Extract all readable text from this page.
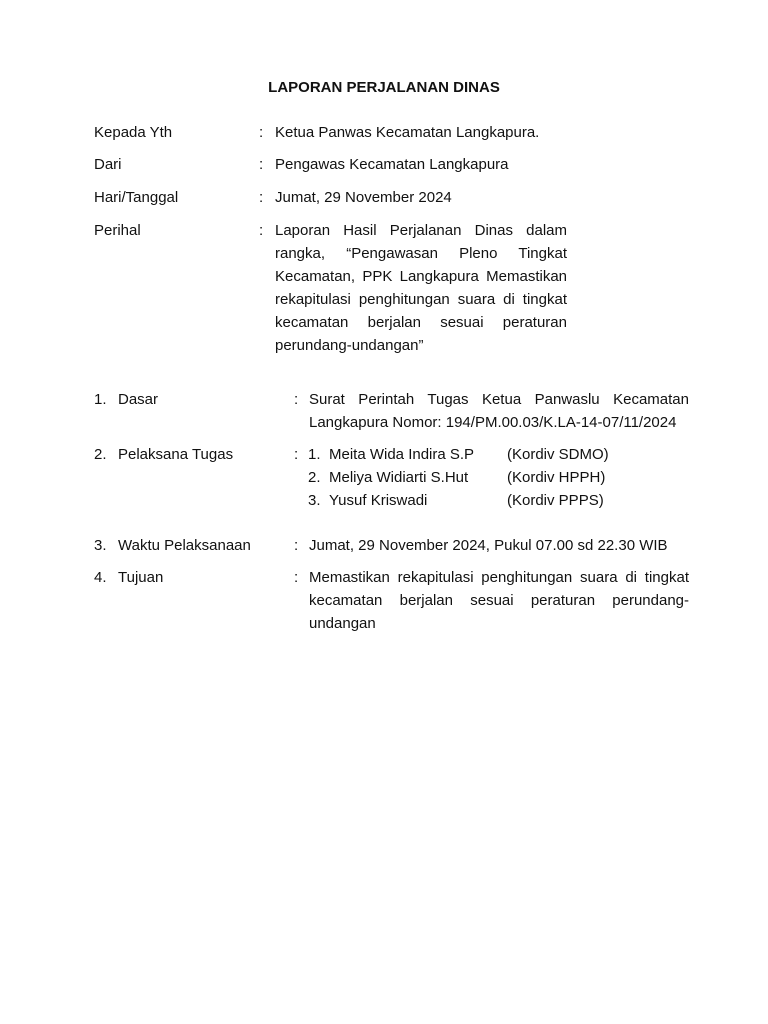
LAPORAN PERJALANAN DINAS
Kepada Yth	: Ketua Panwas Kecamatan Langkapura.
Dari	: Pengawas Kecamatan Langkapura
Hari/Tanggal	: Jumat, 29 November 2024
Perihal	: Laporan Hasil Perjalanan Dinas dalam rangka, “Pengawasan Pleno Tingkat Kecamatan, PPK Langkapura Memastikan rekapitulasi penghitungan suara di tingkat kecamatan berjalan sesuai peraturan perundang-undangan”
1. Dasar	: Surat Perintah Tugas Ketua Panwaslu Kecamatan Langkapura Nomor: 194/PM.00.03/K.LA-14-07/11/2024
2. Pelaksana Tugas	: 1. Meita Wida Indira S.P (Kordiv SDMO)
2. Meliya Widiarti S.Hut	(Kordiv HPPH)
3. Yusuf Kriswadi	(Kordiv PPPS)
3. Waktu Pelaksanaan	: Jumat, 29 November 2024, Pukul 07.00 sd 22.30 WIB
4. Tujuan	: Memastikan rekapitulasi penghitungan suara di tingkat kecamatan berjalan sesuai peraturan perundang-undangan
